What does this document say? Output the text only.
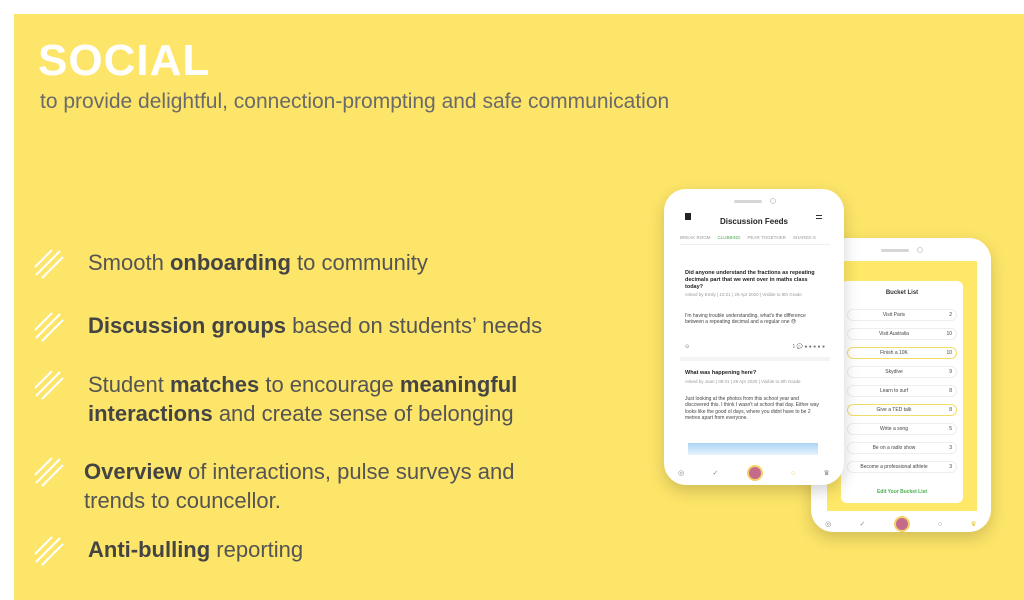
SOCIAL
to provide delightful, connection-prompting and safe communication
Smooth onboarding to community
Discussion groups based on students’ needs
Student matches to encourage meaningful interactions and create sense of belonging
Overview of interactions, pulse surveys and trends to councellor.
Anti-bulling reporting
Bucket List
Visit Paris	2
Visit Australia	10
Finish a 10K	10
Skydive	9
Learn to surf	8
Give a TED talk	8
Write a song	5
Be on a radio show	3
Become a professional athlete	3
Edit Your Bucket List
◎	✓	○	♛
Discussion Feeds
BREAK ROOM CLUBBING PEAR TOGETHER SHARED S
Did anyone understand the fractions as repeating decimals part that we went over in maths class today?
Asked by Emily | 10:21 | 29 Apr 2020 | Visible to 8th Grade
I'm having trouble understanding, what's the difference between a repeating decimal and a regular one 😓
⊙	1 💬 ● ● ● ● ●
What was happening here?
Asked by Juan | 09:31 | 29 Apr 2020 | Visible to 8th Grade
Just looking at the photos from this school year and discovered this. I think I wasn't at school that day. Either way looks like the good ol days, where you didnt have to be 2 metres apart from everyone.
◎	✓	○	♛
